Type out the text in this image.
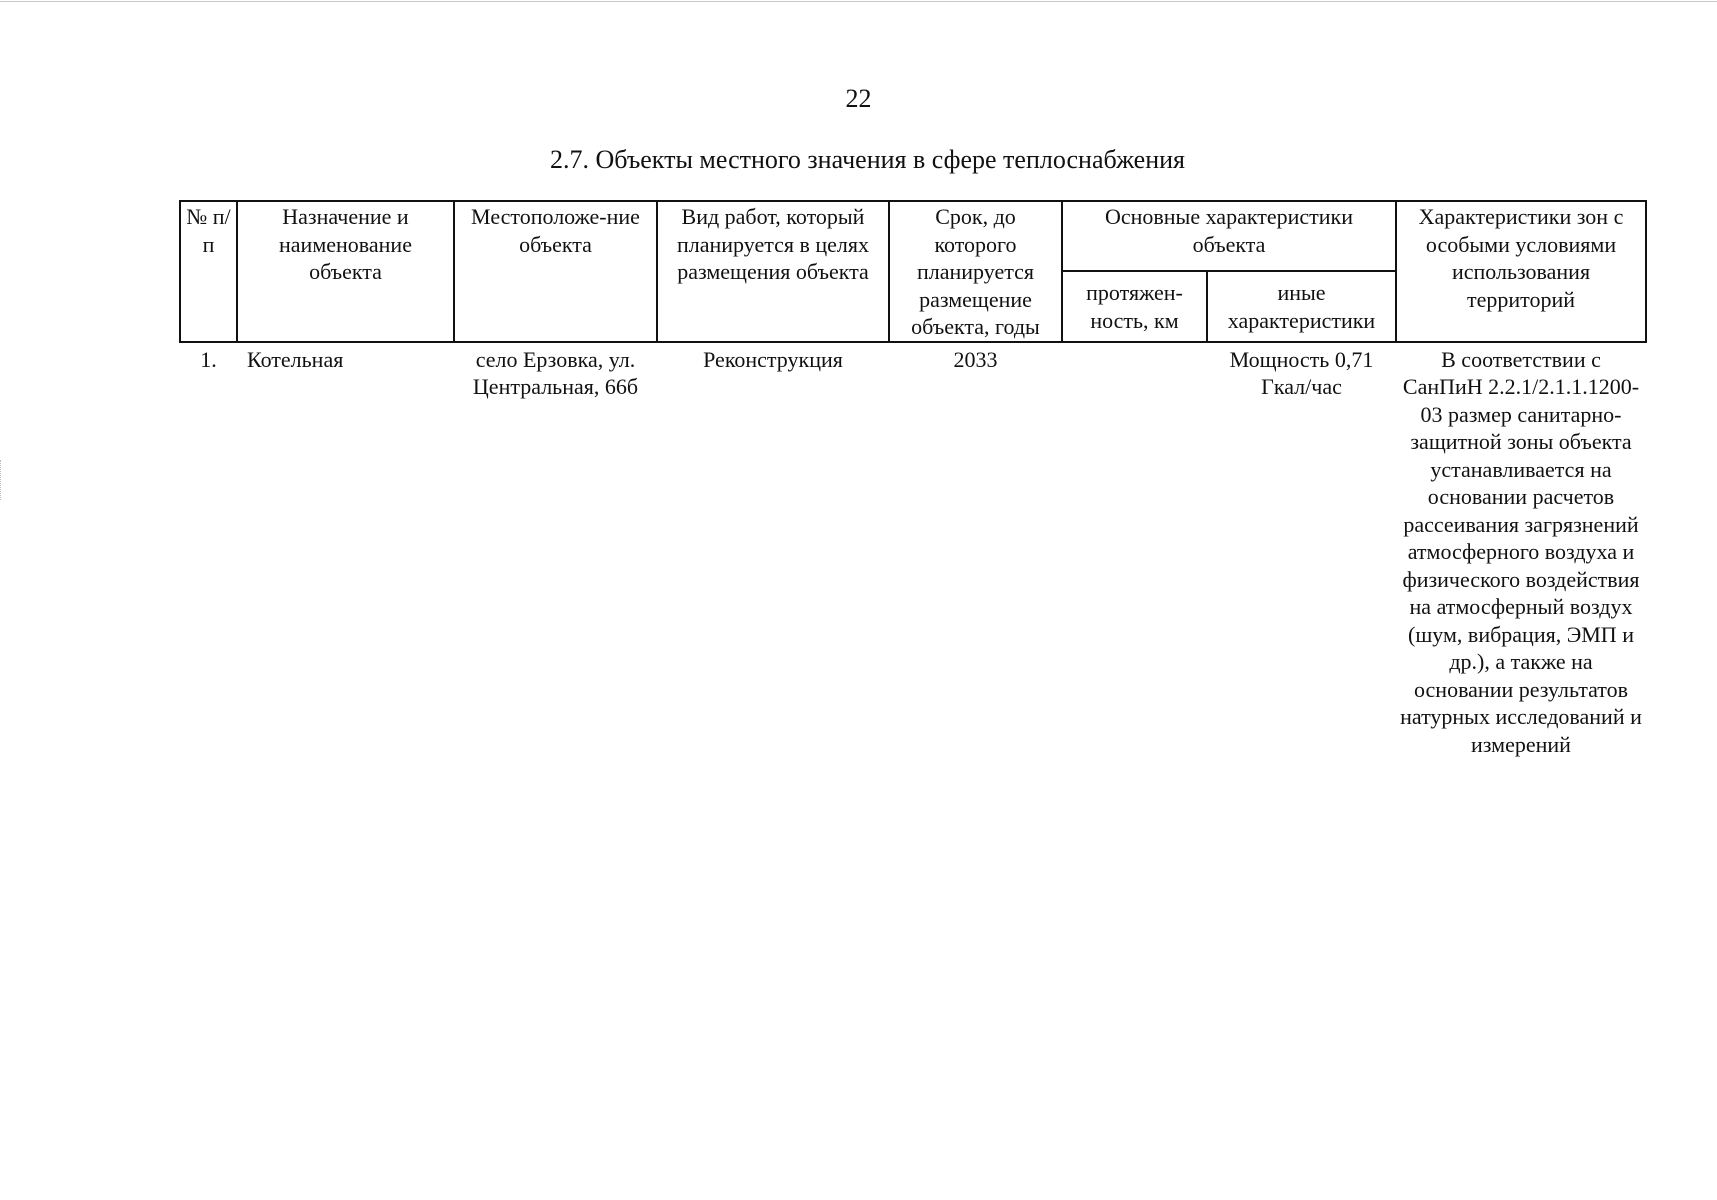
22
2.7. Объекты местного значения в сфере теплоснабжения
№ п/п	Назначение и наименование объекта	Местоположе-ние объекта	Вид работ, который планируется в целях размещения объекта	Срок, до которого планируется размещение объекта, годы	Основные характеристики объекта		Характеристики зон с особыми условиями использования территорий
					протяжен-ность, км	иные характеристики	
1.	Котельная	село Ерзовка, ул. Центральная, 66б	Реконструкция	2033		Мощность 0,71 Гкал/час	В соответствии с СанПиН 2.2.1/2.1.1.1200-03 размер санитарно-защитной зоны объекта устанавливается на основании расчетов рассеивания загрязнений атмосферного воздуха и физического воздействия на атмосферный воздух (шум, вибрация, ЭМП и др.), а также на основании результатов натурных исследований и измерений
